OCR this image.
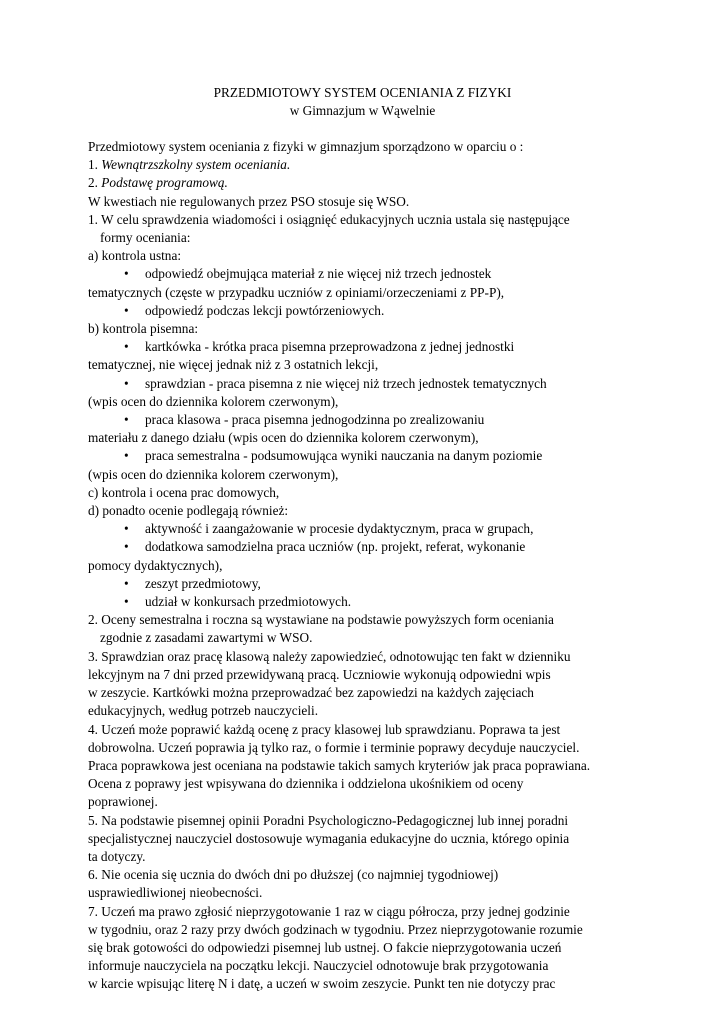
PRZEDMIOTOWY SYSTEM OCENIANIA Z FIZYKI
w Gimnazjum w Wąwelnie
Przedmiotowy system oceniania z fizyki w gimnazjum sporządzono w oparciu o :
1. Wewnątrzszkolny system oceniania.
2. Podstawę programową.
W kwestiach nie regulowanych przez PSO stosuje się WSO.
1. W celu sprawdzenia wiadomości i osiągnięć edukacyjnych ucznia ustala się następujące
formy oceniania:
a) kontrola ustna:
• odpowiedź obejmująca materiał z nie więcej niż trzech jednostek
tematycznych (częste w przypadku uczniów z opiniami/orzeczeniami z PP-P),
• odpowiedź podczas lekcji powtórzeniowych.
b) kontrola pisemna:
• kartkówka - krótka praca pisemna przeprowadzona z jednej jednostki
tematycznej, nie więcej jednak niż z 3 ostatnich lekcji,
• sprawdzian - praca pisemna z nie więcej niż trzech jednostek tematycznych
(wpis ocen do dziennika kolorem czerwonym),
• praca klasowa - praca pisemna jednogodzinna po zrealizowaniu
materiału z danego działu (wpis ocen do dziennika kolorem czerwonym),
• praca semestralna - podsumowująca wyniki nauczania na danym poziomie
(wpis ocen do dziennika kolorem czerwonym),
c) kontrola i ocena prac domowych,
d) ponadto ocenie podlegają również:
• aktywność i zaangażowanie w procesie dydaktycznym, praca w grupach,
• dodatkowa samodzielna praca uczniów (np. projekt, referat, wykonanie
pomocy dydaktycznych),
• zeszyt przedmiotowy,
• udział w konkursach przedmiotowych.
2. Oceny semestralna i roczna są wystawiane na podstawie powyższych form oceniania
zgodnie z zasadami zawartymi w WSO.
3. Sprawdzian oraz pracę klasową należy zapowiedzieć, odnotowując ten fakt w dzienniku
lekcyjnym na 7 dni przed przewidywaną pracą. Uczniowie wykonują odpowiedni wpis
w zeszycie. Kartkówki można przeprowadzać bez zapowiedzi na każdych zajęciach
edukacyjnych, według potrzeb nauczycieli.
4. Uczeń może poprawić każdą ocenę z pracy klasowej lub sprawdzianu. Poprawa ta jest
dobrowolna. Uczeń poprawia ją tylko raz, o formie i terminie poprawy decyduje nauczyciel.
Praca poprawkowa jest oceniana na podstawie takich samych kryteriów jak praca poprawiana.
Ocena z poprawy jest wpisywana do dziennika i oddzielona ukośnikiem od oceny
poprawionej.
5. Na podstawie pisemnej opinii Poradni Psychologiczno-Pedagogicznej lub innej poradni
specjalistycznej nauczyciel dostosowuje wymagania edukacyjne do ucznia, którego opinia
ta dotyczy.
6. Nie ocenia się ucznia do dwóch dni po dłuższej (co najmniej tygodniowej)
usprawiedliwionej nieobecności.
7. Uczeń ma prawo zgłosić nieprzygotowanie 1 raz w ciągu półrocza, przy jednej godzinie
w tygodniu, oraz 2 razy przy dwóch godzinach w tygodniu. Przez nieprzygotowanie rozumie
się brak gotowości do odpowiedzi pisemnej lub ustnej. O fakcie nieprzygotowania uczeń
informuje nauczyciela na początku lekcji. Nauczyciel odnotowuje brak przygotowania
w karcie wpisując literę N i datę, a uczeń w swoim zeszycie. Punkt ten nie dotyczy prac
